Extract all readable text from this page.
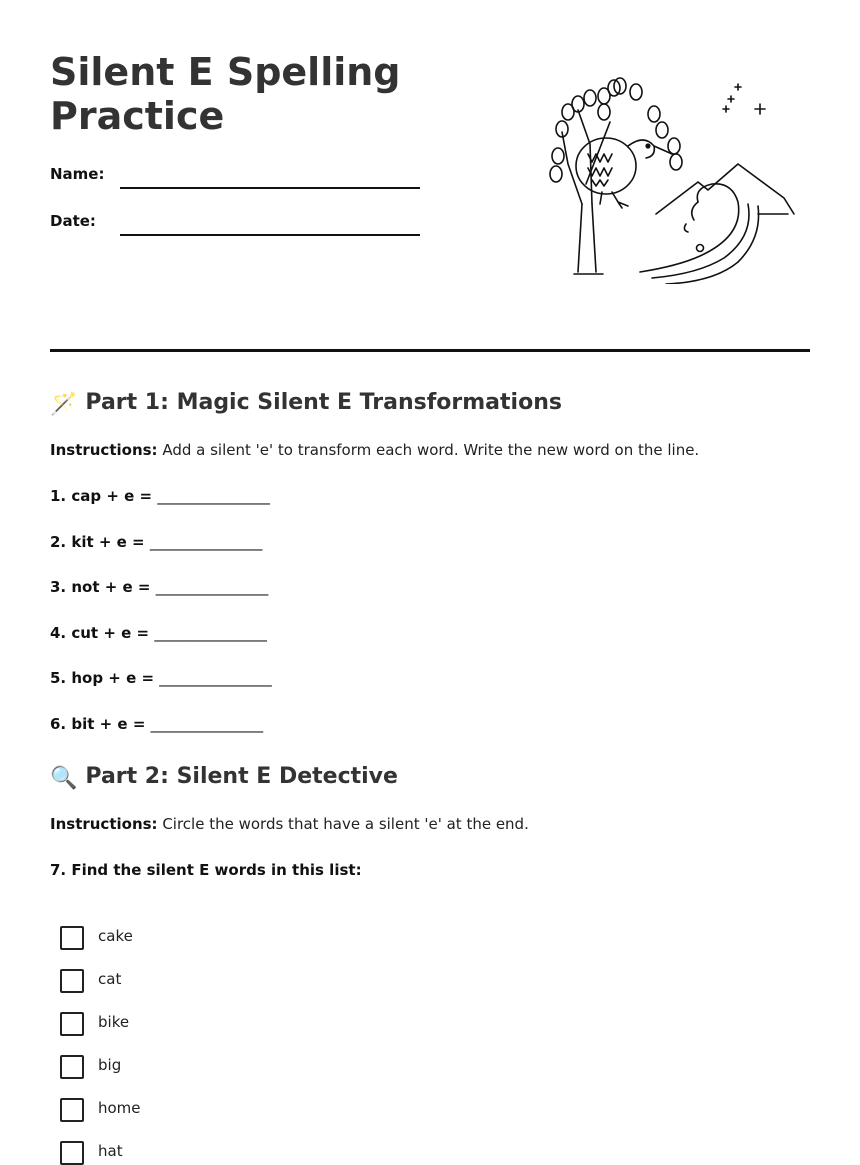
Silent E Spelling
Practice
Name:
Date:
🪄 Part 1: Magic Silent E Transformations
Instructions: Add a silent 'e' to transform each word. Write the new word on the line.
1. cap + e = _______________
2. kit + e = _______________
3. not + e = _______________
4. cut + e = _______________
5. hop + e = _______________
6. bit + e = _______________
🔍 Part 2: Silent E Detective
Instructions: Circle the words that have a silent 'e' at the end.
7. Find the silent E words in this list:
cake
cat
bike
big
home
hat
